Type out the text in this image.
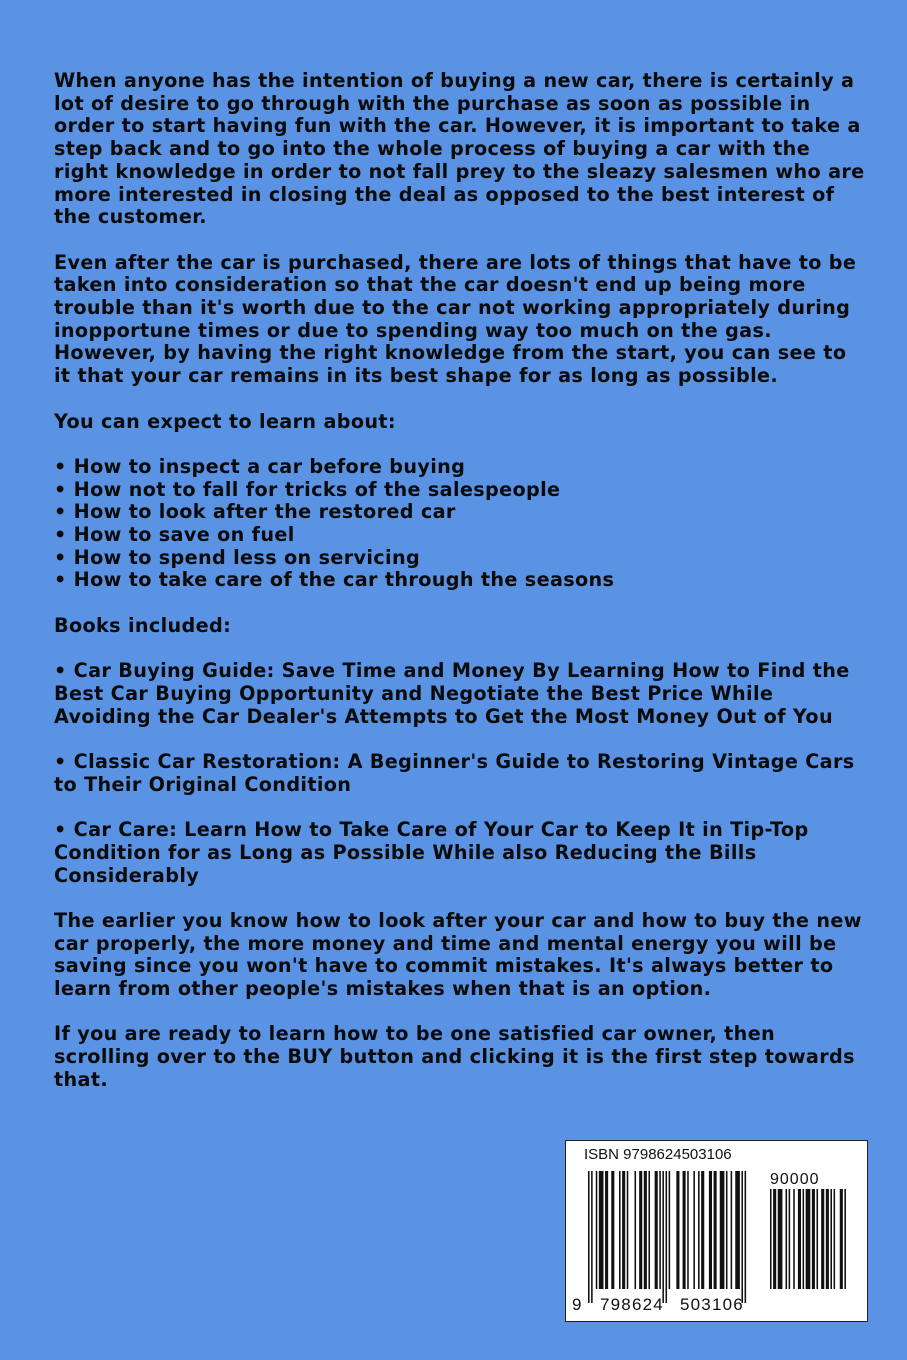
When anyone has the intention of buying a new car, there is certainly a lot of desire to go through with the purchase as soon as possible in order to start having fun with the car. However, it is important to take a step back and to go into the whole process of buying a car with the right knowledge in order to not fall prey to the sleazy salesmen who are more interested in closing the deal as opposed to the best interest of the customer.

Even after the car is purchased, there are lots of things that have to be taken into consideration so that the car doesn't end up being more trouble than it's worth due to the car not working appropriately during inopportune times or due to spending way too much on the gas. However, by having the right knowledge from the start, you can see to it that your car remains in its best shape for as long as possible.

You can expect to learn about:

• How to inspect a car before buying
• How not to fall for tricks of the salespeople
• How to look after the restored car
• How to save on fuel
• How to spend less on servicing
• How to take care of the car through the seasons

Books included:

• Car Buying Guide: Save Time and Money By Learning How to Find the Best Car Buying Opportunity and Negotiate the Best Price While Avoiding the Car Dealer's Attempts to Get the Most Money Out of You

• Classic Car Restoration: A Beginner's Guide to Restoring Vintage Cars to Their Original Condition

• Car Care: Learn How to Take Care of Your Car to Keep It in Tip-Top Condition for as Long as Possible While also Reducing the Bills Considerably

The earlier you know how to look after your car and how to buy the new car properly, the more money and time and mental energy you will be saving since you won't have to commit mistakes. It's always better to learn from other people's mistakes when that is an option.

If you are ready to learn how to be one satisfied car owner, then scrolling over to the BUY button and clicking it is the first step towards that.

ISBN 9798624503106
90000
9 798624 503106
